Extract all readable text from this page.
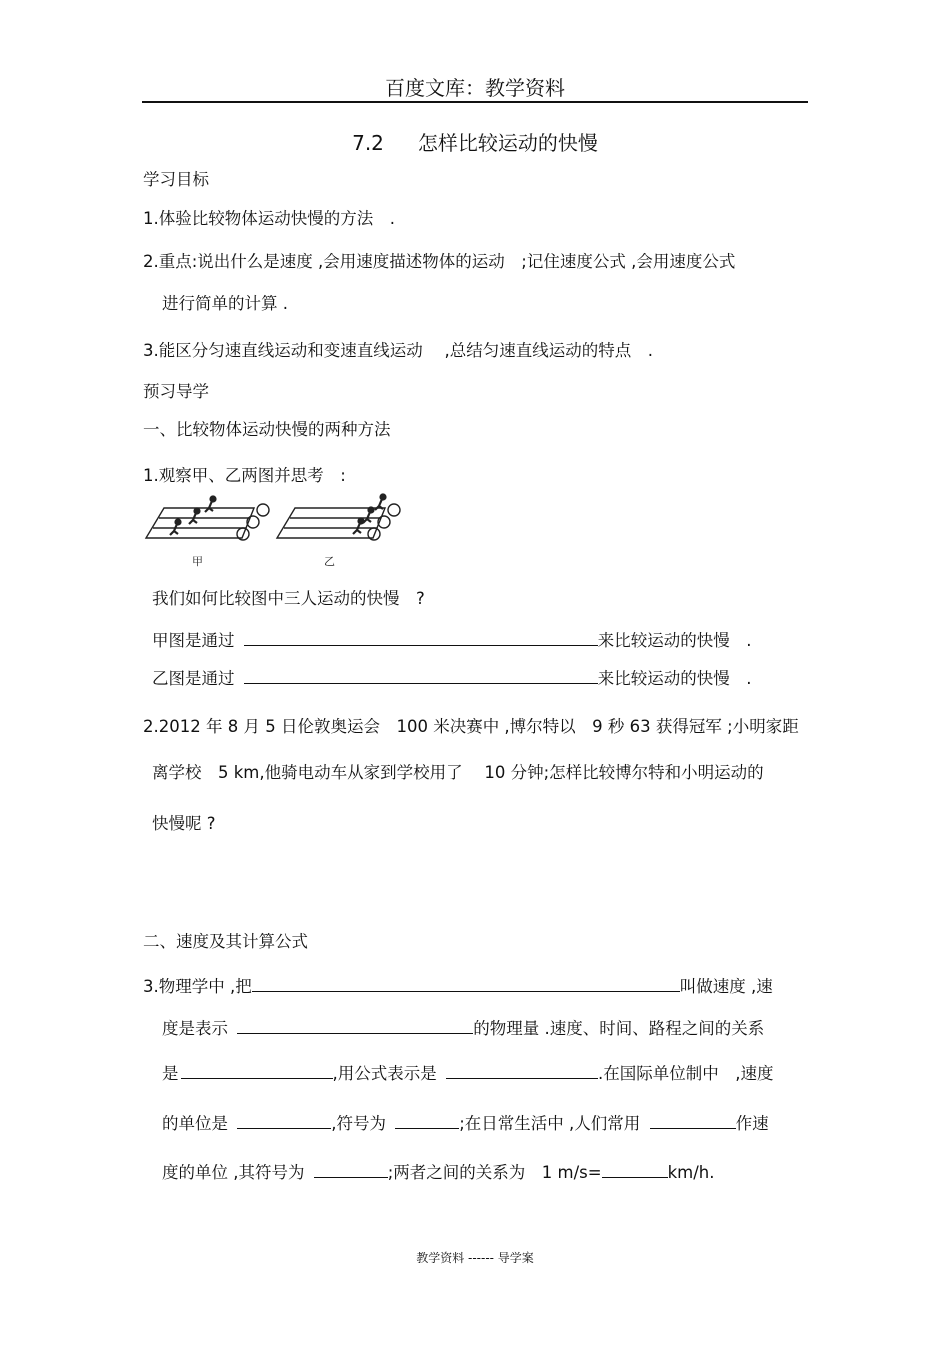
百度文库：教学资料
7.2 怎样比较运动的快慢
学习目标
1.体验比较物体运动快慢的方法　.
2.重点:说出什么是速度 ,会用速度描述物体的运动　;记住速度公式 ,会用速度公式
进行简单的计算 .
3.能区分匀速直线运动和变速直线运动　 ,总结匀速直线运动的特点　.
预习导学
一、比较物体运动快慢的两种方法
1.观察甲、乙两图并思考　:
甲	乙
我们如何比较图中三人运动的快慢　?
甲图是通过	来比较运动的快慢　.
乙图是通过	来比较运动的快慢　.
2.2012 年 8 月 5 日伦敦奥运会　100 米决赛中 ,博尔特以　9 秒 63 获得冠军 ;小明家距
离学校　5 km,他骑电动车从家到学校用了　 10 分钟;怎样比较博尔特和小明运动的
快慢呢 ?
二、速度及其计算公式
3.物理学中 ,把	叫做速度 ,速
度是表示	的物理量 .速度、时间、路程之间的关系
是	,用公式表示是	.在国际单位制中　,速度
的单位是	,符号为	;在日常生活中 ,人们常用	作速
度的单位 ,其符号为	;两者之间的关系为　1 m/s=	km/h.
教学资料 ------ 导学案
